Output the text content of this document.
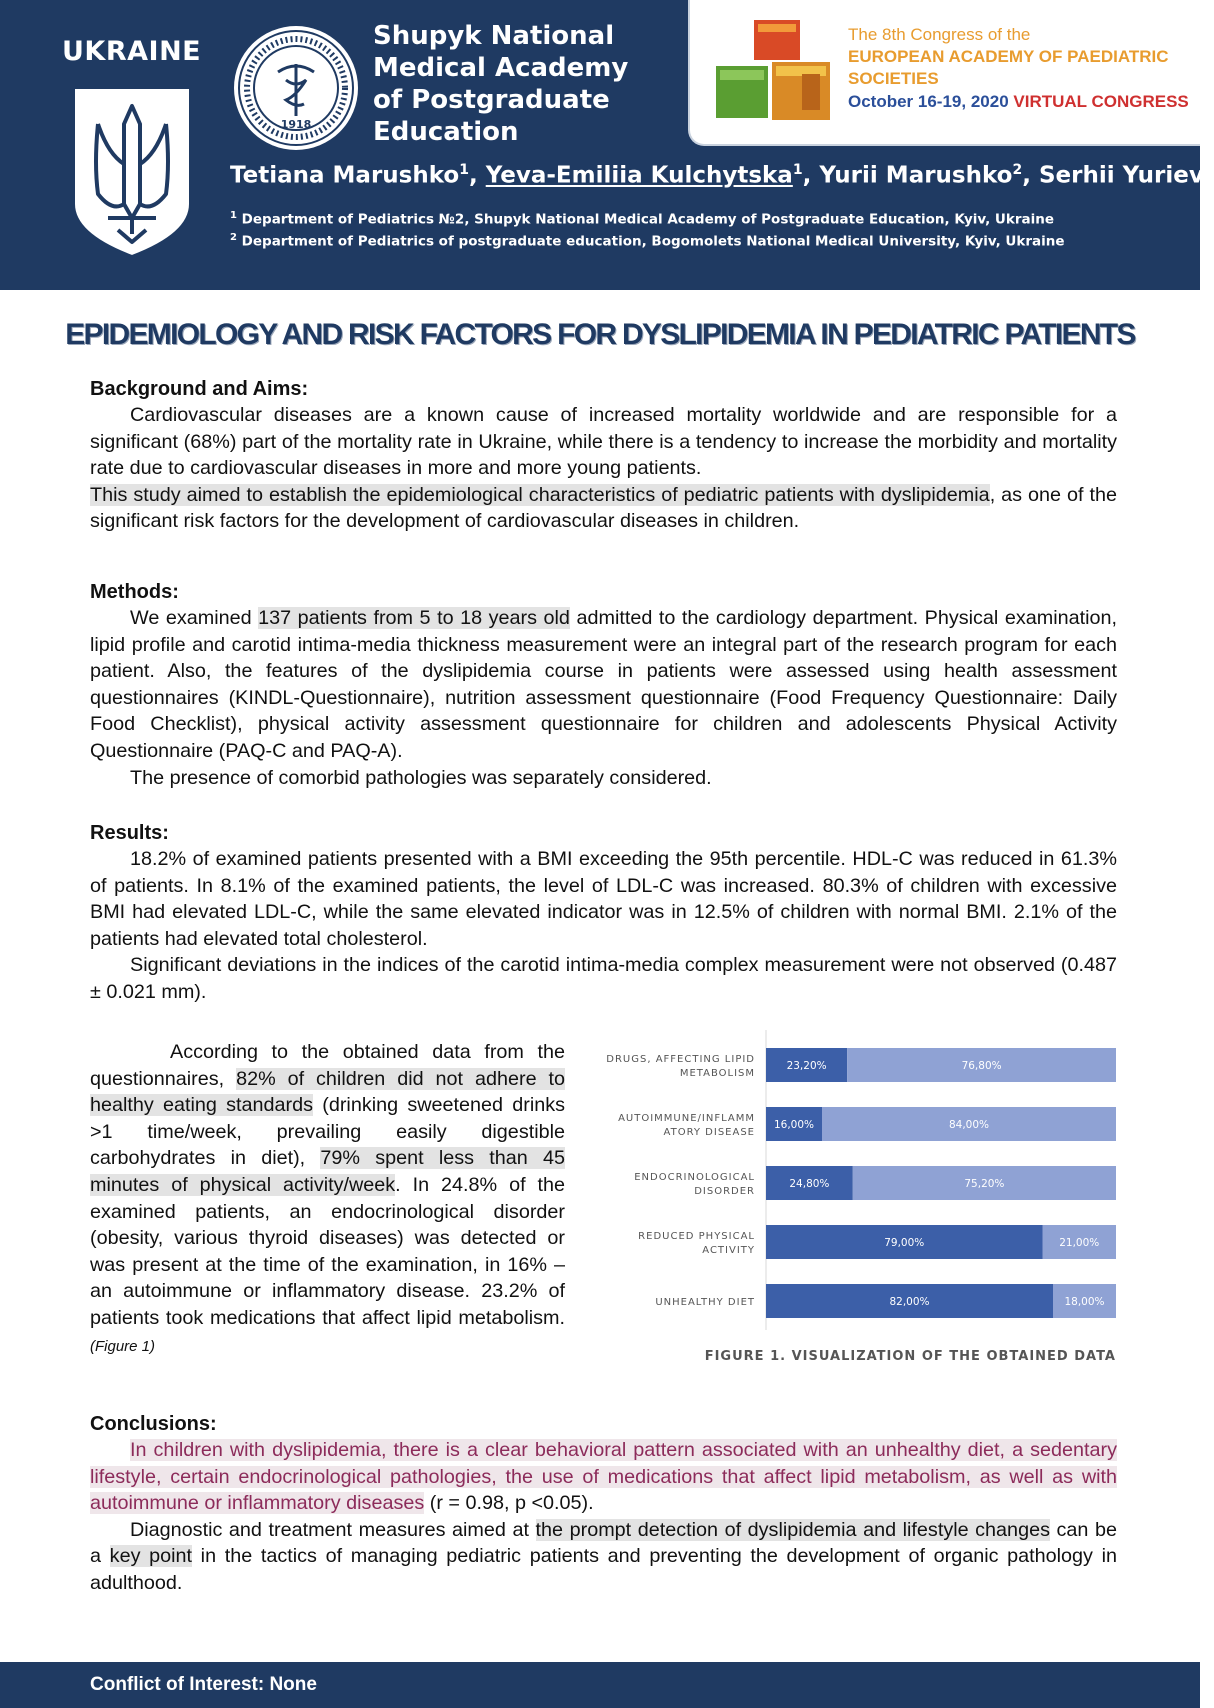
UKRAINE
1918
Shupyk National
Medical Academy
of Postgraduate
Education
The 8th Congress of the
EUROPEAN ACADEMY OF PAEDIATRIC
SOCIETIES
October 16-19, 2020 VIRTUAL CONGRESS
Tetiana Marushko$^1$, Yeva-Emiliia Kulchytska$^1$, Yurii Marushko$^2$, Serhii Yuriev$^2$
$^1$ Department of Pediatrics №2, Shupyk National Medical Academy of Postgraduate Education, Kyiv, Ukraine
$^2$ Department of Pediatrics of postgraduate education, Bogomolets National Medical University, Kyiv, Ukraine
EPIDEMIOLOGY AND RISK FACTORS FOR DYSLIPIDEMIA IN PEDIATRIC PATIENTS
Background and Aims:

Cardiovascular diseases are a known cause of increased mortality worldwide and are responsible for a significant (68%) part of the mortality rate in Ukraine, while there is a tendency to increase the morbidity and mortality rate due to cardiovascular diseases in more and more young patients.

This study aimed to establish the epidemiological characteristics of pediatric patients with dyslipidemia, as one of the significant risk factors for the development of cardiovascular diseases in children.

Methods:

We examined 137 patients from 5 to 18 years old admitted to the cardiology department. Physical examination, lipid profile and carotid intima-media thickness measurement were an integral part of the research program for each patient. Also, the features of the dyslipidemia course in patients were assessed using health assessment questionnaires (KINDL-Questionnaire), nutrition assessment questionnaire (Food Frequency Questionnaire: Daily Food Checklist), physical activity assessment questionnaire for children and adolescents Physical Activity Questionnaire (PAQ-C and PAQ-A).

The presence of comorbid pathologies was separately considered.

Results:

18.2% of examined patients presented with a BMI exceeding the 95th percentile. HDL-C was reduced in 61.3% of patients. In 8.1% of the examined patients, the level of LDL-C was increased. 80.3% of children with excessive BMI had elevated LDL-C, while the same elevated indicator was in 12.5% of children with normal BMI. 2.1% of the patients had elevated total cholesterol.

Significant deviations in the indices of the carotid intima-media complex measurement were not observed (0.487 ± 0.021 mm).

According to the obtained data from the questionnaires, 82% of children did not adhere to healthy eating standards (drinking sweetened drinks >1 time/week, prevailing easily digestible carbohydrates in diet), 79% spent less than 45 minutes of physical activity/week. In 24.8% of the examined patients, an endocrinological disorder (obesity, various thyroid diseases) was detected or was present at the time of the examination, in 16% – an autoimmune or inflammatory disease. 23.2% of patients took medications that affect lipid metabolism. (Figure 1)

DRUGS, AFFECTING LIPID
METABOLISM
23,20%	76,80%
AUTOIMMUNE/INFLAMM
ATORY DISEASE
16,00%	84,00%
ENDOCRINOLOGICAL
DISORDER
24,80%	75,20%
REDUCED PHYSICAL
ACTIVITY
79,00%	21,00%
UNHEALTHY DIET	82,00%	18,00%
FIGURE 1. VISUALIZATION OF THE OBTAINED DATA
Conclusions:

In children with dyslipidemia, there is a clear behavioral pattern associated with an unhealthy diet, a sedentary lifestyle, certain endocrinological pathologies, the use of medications that affect lipid metabolism, as well as with autoimmune or inflammatory diseases (r = 0.98, p <0.05).

Diagnostic and treatment measures aimed at the prompt detection of dyslipidemia and lifestyle changes can be a key point in the tactics of managing pediatric patients and preventing the development of organic pathology in adulthood.

Conflict of Interest: None
